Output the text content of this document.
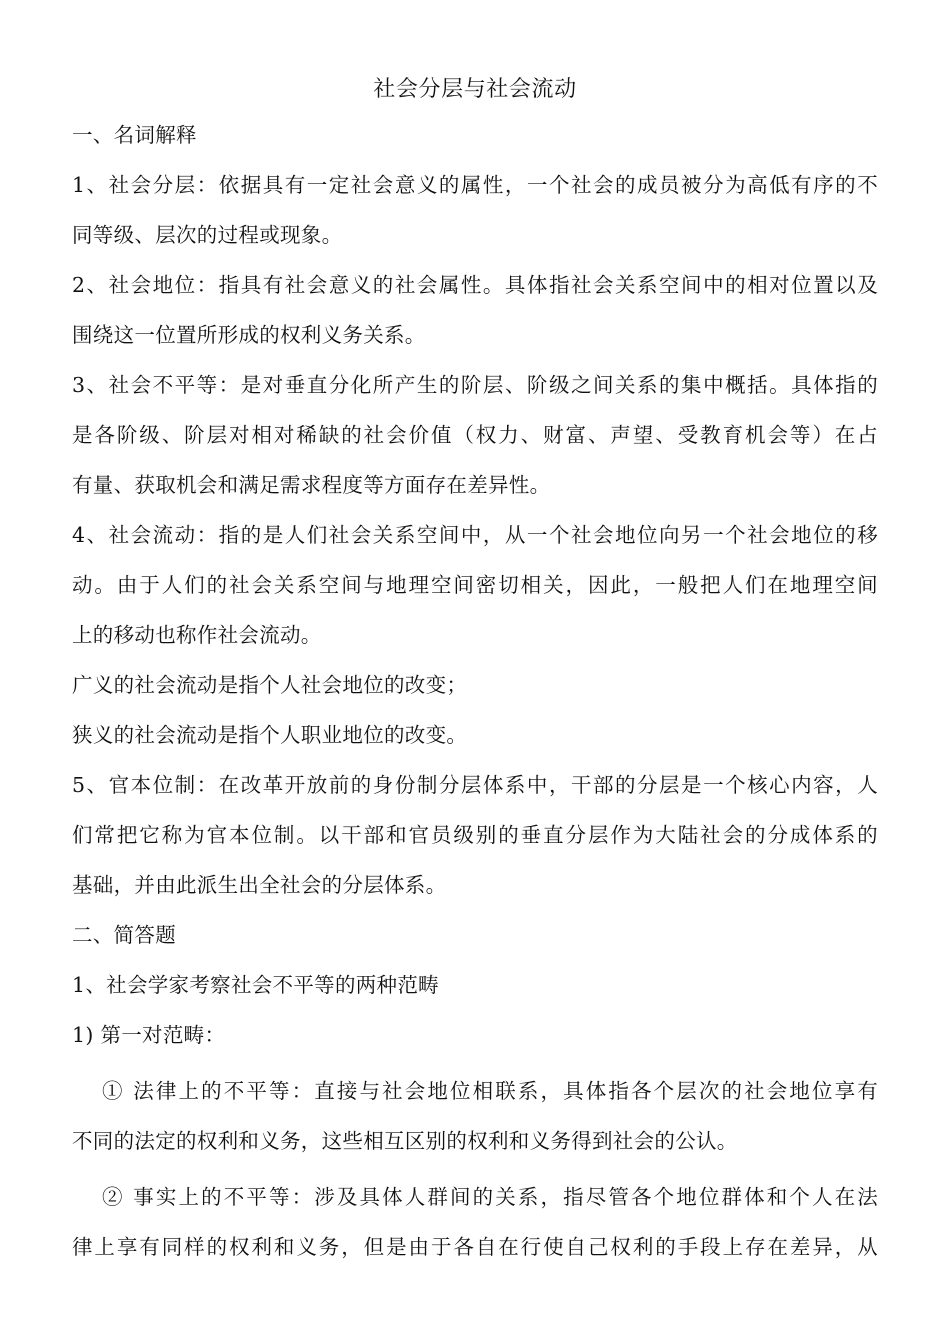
社会分层与社会流动
一、名词解释
1、社会分层：依据具有一定社会意义的属性，一个社会的成员被分为高低有序的不
同等级、层次的过程或现象。
2、社会地位：指具有社会意义的社会属性。具体指社会关系空间中的相对位置以及
围绕这一位置所形成的权利义务关系。
3、社会不平等：是对垂直分化所产生的阶层、阶级之间关系的集中概括。具体指的
是各阶级、阶层对相对稀缺的社会价值（权力、财富、声望、受教育机会等）在占
有量、获取机会和满足需求程度等方面存在差异性。
4、社会流动：指的是人们社会关系空间中，从一个社会地位向另一个社会地位的移
动。由于人们的社会关系空间与地理空间密切相关，因此，一般把人们在地理空间
上的移动也称作社会流动。
广义的社会流动是指个人社会地位的改变；
狭义的社会流动是指个人职业地位的改变。
5、官本位制：在改革开放前的身份制分层体系中，干部的分层是一个核心内容，人
们常把它称为官本位制。以干部和官员级别的垂直分层作为大陆社会的分成体系的
基础，并由此派生出全社会的分层体系。
二、简答题
1、社会学家考察社会不平等的两种范畴
1) 第一对范畴：
① 法律上的不平等：直接与社会地位相联系，具体指各个层次的社会地位享有
不同的法定的权利和义务，这些相互区别的权利和义务得到社会的公认。
② 事实上的不平等：涉及具体人群间的关系，指尽管各个地位群体和个人在法
律上享有同样的权利和义务，但是由于各自在行使自己权利的手段上存在差异，从
